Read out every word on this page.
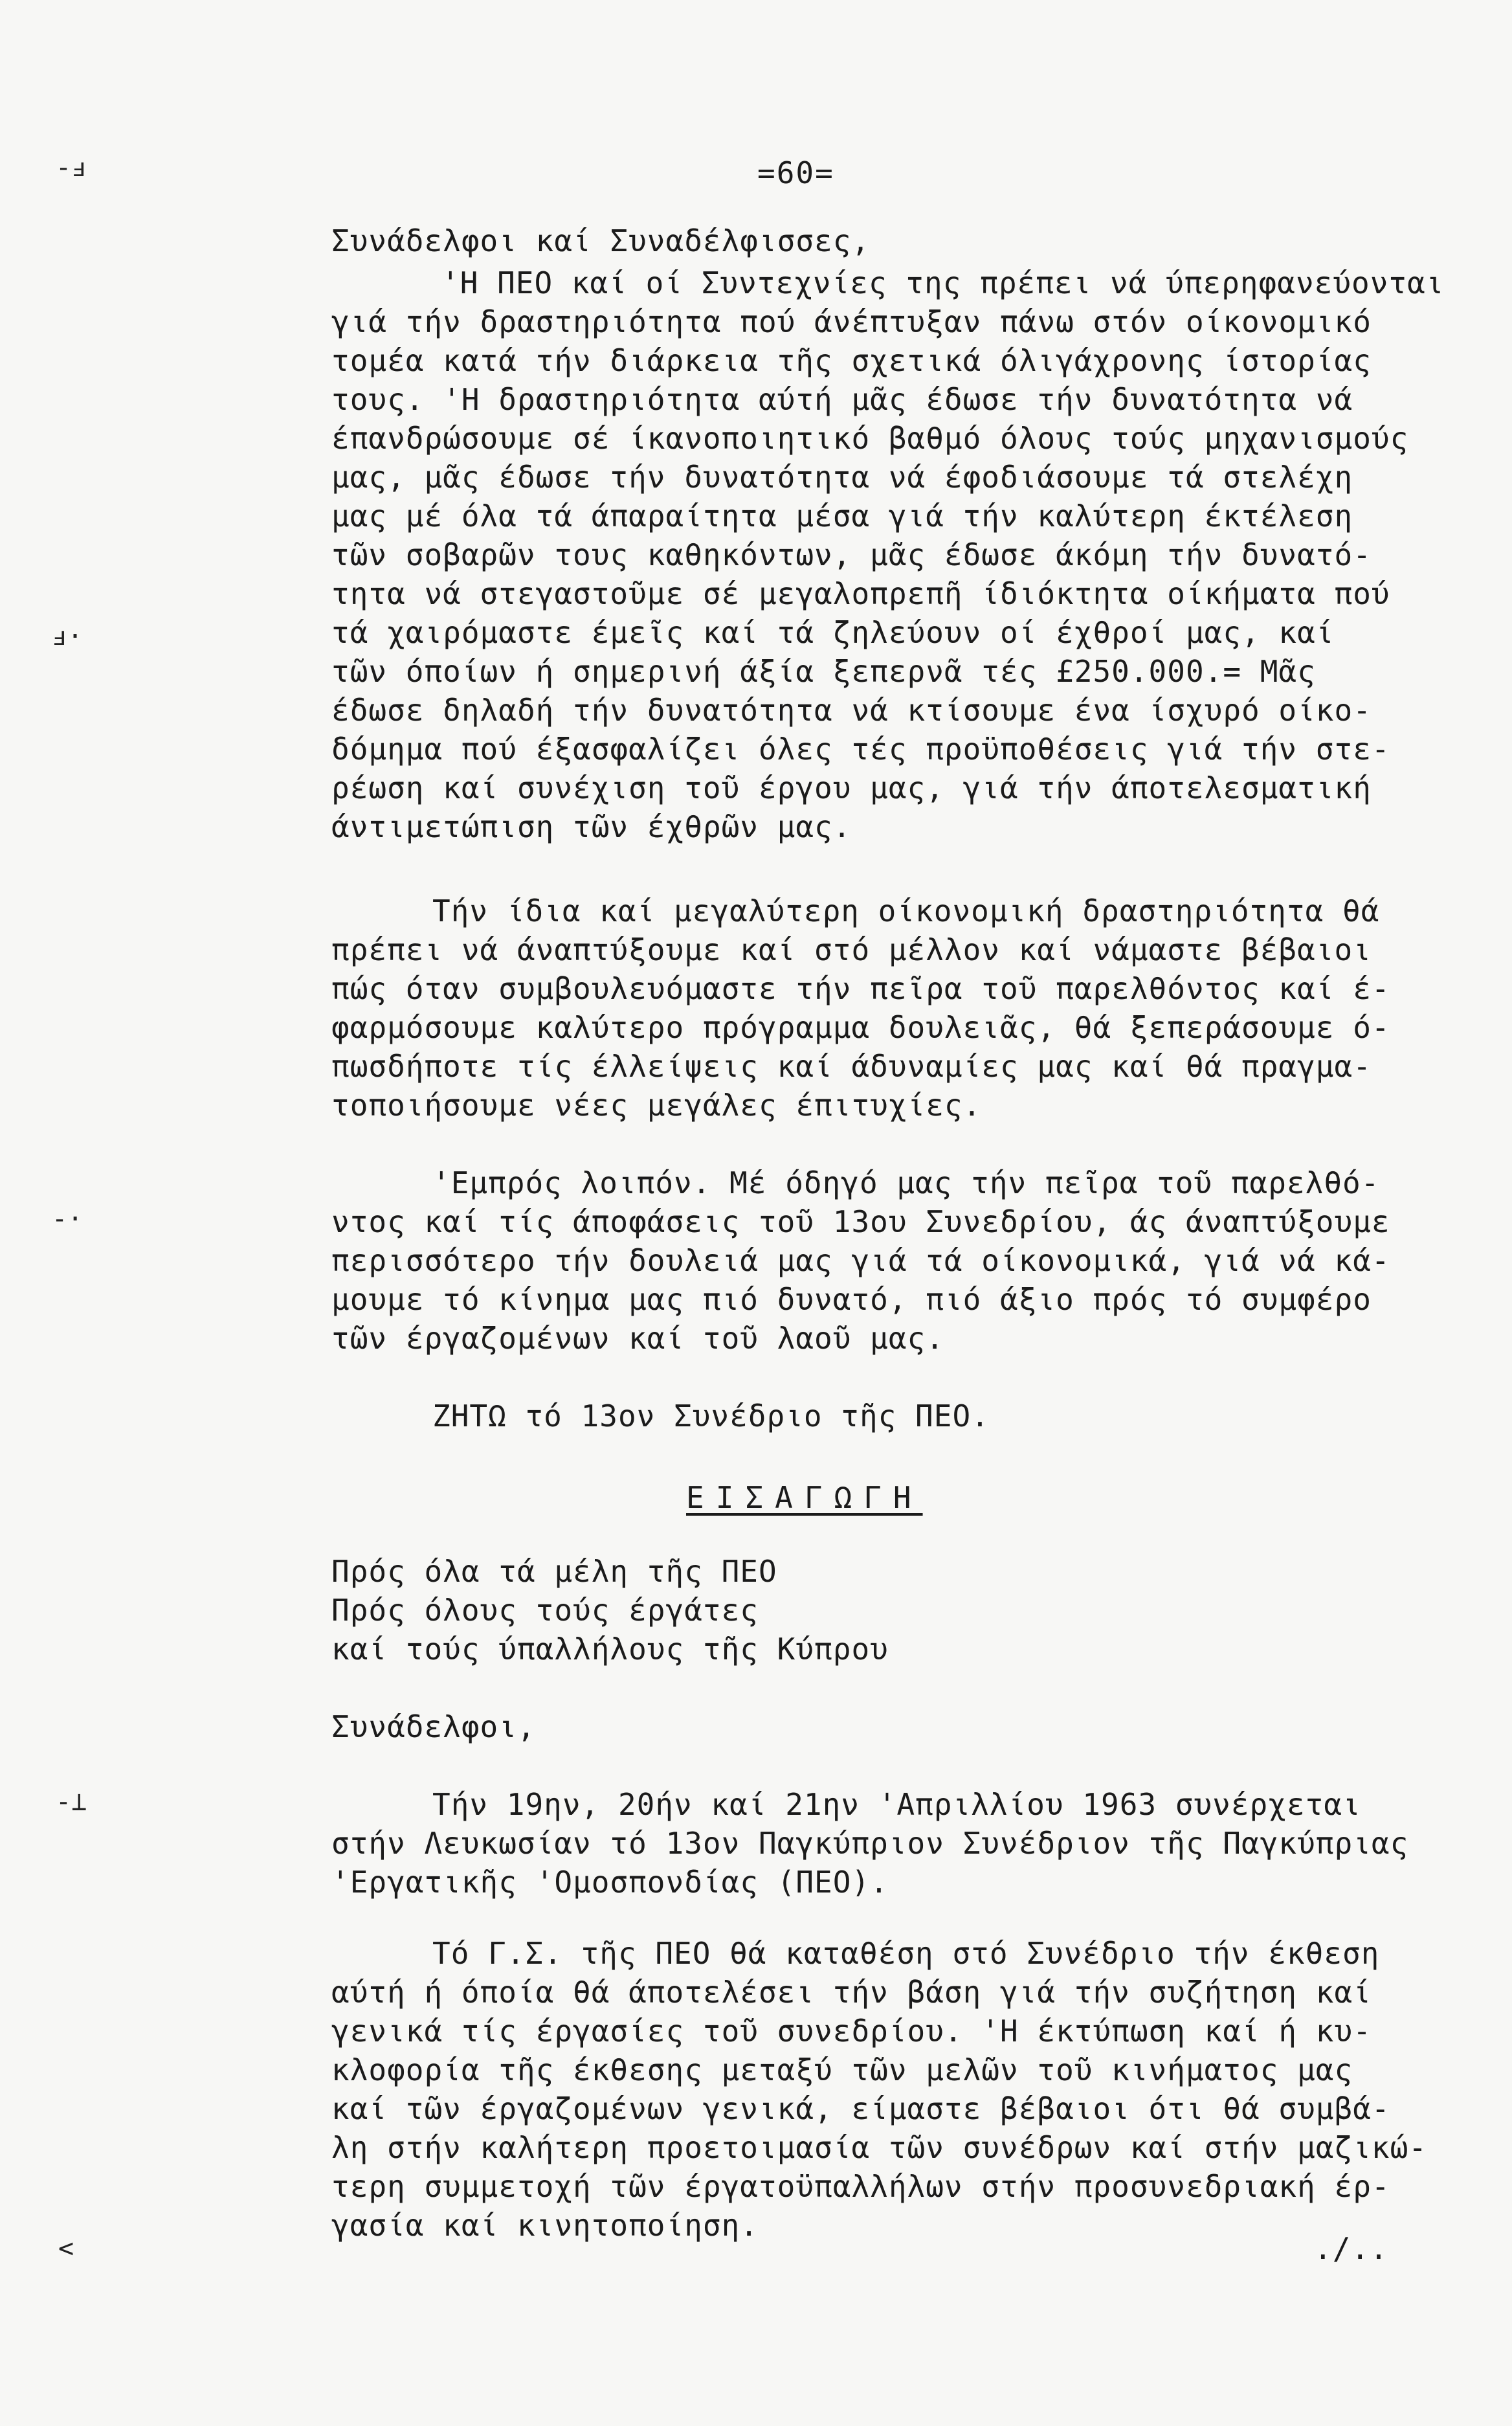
-ⅎ
ⅎ·
-·
-⊥
<
=60=
Συνάδελφοι καί Συναδέλφισσες,
'Η ΠΕΟ καί οί Συντεχνίες της πρέπει νά ύπερηφανεύονται
γιά τήν δραστηριότητα πού άνέπτυξαν πάνω στόν οίκονομικό
τομέα κατά τήν διάρκεια τῆς σχετικά όλιγάχρονης ίστορίας
τους. 'Η δραστηριότητα αύτή μᾶς έδωσε τήν δυνατότητα νά
έπανδρώσουμε σέ ίκανοποιητικό βαθμό όλους τούς μηχανισμούς
μας, μᾶς έδωσε τήν δυνατότητα νά έφοδιάσουμε τά στελέχη
μας μέ όλα τά άπαραίτητα μέσα γιά τήν καλύτερη έκτέλεση
τῶν σοβαρῶν τους καθηκόντων, μᾶς έδωσε άκόμη τήν δυνατό-
τητα νά στεγαστοῦμε σέ μεγαλοπρεπῆ ίδιόκτητα οίκήματα πού
τά χαιρόμαστε έμεῖς καί τά ζηλεύουν οί έχθροί μας, καί
τῶν όποίων ή σημερινή άξία ξεπερνᾶ τές £250.000.= Μᾶς
έδωσε δηλαδή τήν δυνατότητα νά κτίσουμε ένα ίσχυρό οίκο-
δόμημα πού έξασφαλίζει όλες τές προϋποθέσεις γιά τήν στε-
ρέωση καί συνέχιση τοῦ έργου μας, γιά τήν άποτελεσματική
άντιμετώπιση τῶν έχθρῶν μας.
Τήν ίδια καί μεγαλύτερη οίκονομική δραστηριότητα θά
πρέπει νά άναπτύξουμε καί στό μέλλον καί νάμαστε βέβαιοι
πώς όταν συμβουλευόμαστε τήν πεῖρα τοῦ παρελθόντος καί έ-
φαρμόσουμε καλύτερο πρόγραμμα δουλειᾶς, θά ξεπεράσουμε ό-
πωσδήποτε τίς έλλείψεις καί άδυναμίες μας καί θά πραγμα-
τοποιήσουμε νέες μεγάλες έπιτυχίες.
'Εμπρός λοιπόν. Μέ όδηγό μας τήν πεῖρα τοῦ παρελθό-
ντος καί τίς άποφάσεις τοῦ 13ου Συνεδρίου, άς άναπτύξουμε
περισσότερο τήν δουλειά μας γιά τά οίκονομικά, γιά νά κά-
μουμε τό κίνημα μας πιό δυνατό, πιό άξιο πρός τό συμφέρο
τῶν έργαζομένων καί τοῦ λαοῦ μας.
ΖΗΤΩ τό 13ον Συνέδριο τῆς ΠΕΟ.
ΕΙΣΑΓΩΓΗ
Πρός όλα τά μέλη τῆς ΠΕΟ
Πρός όλους τούς έργάτες
καί τούς ύπαλλήλους τῆς Κύπρου
Συνάδελφοι,
Τήν 19ην, 20ήν καί 21ην 'Απριλλίου 1963 συνέρχεται
στήν Λευκωσίαν τό 13ον Παγκύπριον Συνέδριον τῆς Παγκύπριας
'Εργατικῆς 'Ομοσπονδίας (ΠΕΟ).
Τό Γ.Σ. τῆς ΠΕΟ θά καταθέση στό Συνέδριο τήν έκθεση
αύτή ή όποία θά άποτελέσει τήν βάση γιά τήν συζήτηση καί
γενικά τίς έργασίες τοῦ συνεδρίου. 'Η έκτύπωση καί ή κυ-
κλοφορία τῆς έκθεσης μεταξύ τῶν μελῶν τοῦ κινήματος μας
καί τῶν έργαζομένων γενικά, είμαστε βέβαιοι ότι θά συμβά-
λη στήν καλήτερη προετοιμασία τῶν συνέδρων καί στήν μαζικώ-
τερη συμμετοχή τῶν έργατοϋπαλλήλων στήν προσυνεδριακή έρ-
γασία καί κινητοποίηση.
./..
